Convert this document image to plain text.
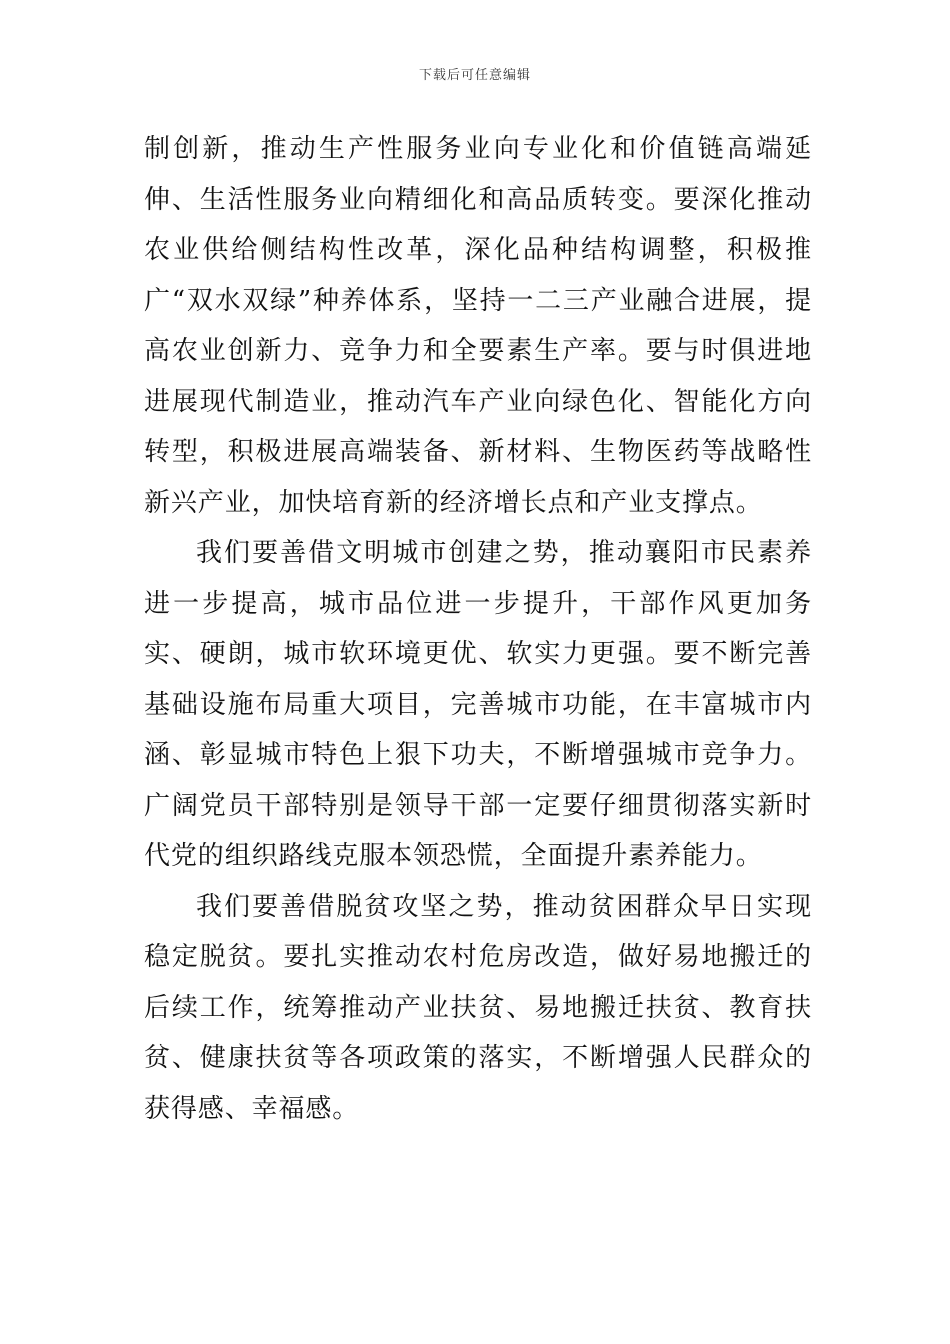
下载后可任意编辑

制创新，推动生产性服务业向专业化和价值链高端延伸、生活性服务业向精细化和高品质转变。要深化推动农业供给侧结构性改革，深化品种结构调整，积极推广“双水双绿”种养体系，坚持一二三产业融合进展，提高农业创新力、竞争力和全要素生产率。要与时俱进地进展现代制造业，推动汽车产业向绿色化、智能化方向转型，积极进展高端装备、新材料、生物医药等战略性新兴产业，加快培育新的经济增长点和产业支撑点。

我们要善借文明城市创建之势，推动襄阳市民素养进一步提高，城市品位进一步提升，干部作风更加务实、硬朗，城市软环境更优、软实力更强。要不断完善基础设施布局重大项目，完善城市功能，在丰富城市内涵、彰显城市特色上狠下功夫，不断增强城市竞争力。广阔党员干部特别是领导干部一定要仔细贯彻落实新时代党的组织路线克服本领恐慌，全面提升素养能力。

我们要善借脱贫攻坚之势，推动贫困群众早日实现稳定脱贫。要扎实推动农村危房改造，做好易地搬迁的后续工作，统筹推动产业扶贫、易地搬迁扶贫、教育扶贫、健康扶贫等各项政策的落实，不断增强人民群众的获得感、幸福感。
